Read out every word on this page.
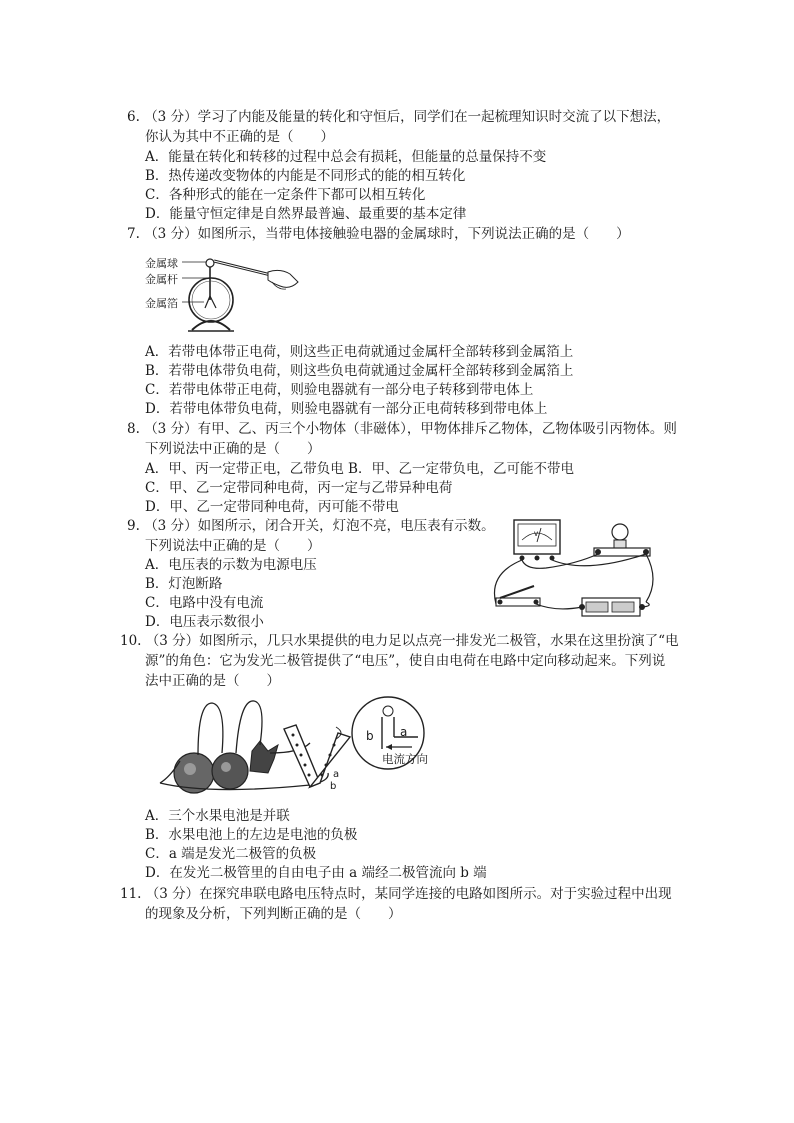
6. （3 分）学习了内能及能量的转化和守恒后，同学们在一起梳理知识时交流了以下想法，
你认为其中不正确的是（　　）
A．能量在转化和转移的过程中总会有损耗，但能量的总量保持不变
B．热传递改变物体的内能是不同形式的能的相互转化
C．各种形式的能在一定条件下都可以相互转化
D．能量守恒定律是自然界最普遍、最重要的基本定律
7. （3 分）如图所示，当带电体接触验电器的金属球时，下列说法正确的是（　　）
金属球
金属杆
金属箔
A．若带电体带正电荷，则这些正电荷就通过金属杆全部转移到金属箔上
B．若带电体带负电荷，则这些负电荷就通过金属杆全部转移到金属箔上
C．若带电体带正电荷，则验电器就有一部分电子转移到带电体上
D．若带电体带负电荷，则验电器就有一部分正电荷转移到带电体上
8. （3 分）有甲、乙、丙三个小物体（非磁体），甲物体排斥乙物体，乙物体吸引丙物体。则
下列说法中正确的是（　　）
A．甲、丙一定带正电，乙带负电 B．甲、乙一定带负电，乙可能不带电
C．甲、乙一定带同种电荷，丙一定与乙带异种电荷
D．甲、乙一定带同种电荷，丙可能不带电
9. （3 分）如图所示，闭合开关，灯泡不亮，电压表有示数。
下列说法中正确的是（　　）
A．电压表的示数为电源电压
B．灯泡断路
C．电路中没有电流
D．电压表示数很小
V
10. （3 分）如图所示，几只水果提供的电力足以点亮一排发光二极管，水果在这里扮演了“电
源”的角色：它为发光二极管提供了“电压”，使自由电荷在电路中定向移动起来。下列说
法中正确的是（　　）
b a
电流方向
a
b
A．三个水果电池是并联
B．水果电池上的左边是电池的负极
C．a 端是发光二极管的负极
D．在发光二极管里的自由电子由 a 端经二极管流向 b 端
11. （3 分）在探究串联电路电压特点时，某同学连接的电路如图所示。对于实验过程中出现
的现象及分析，下列判断正确的是（　　）
